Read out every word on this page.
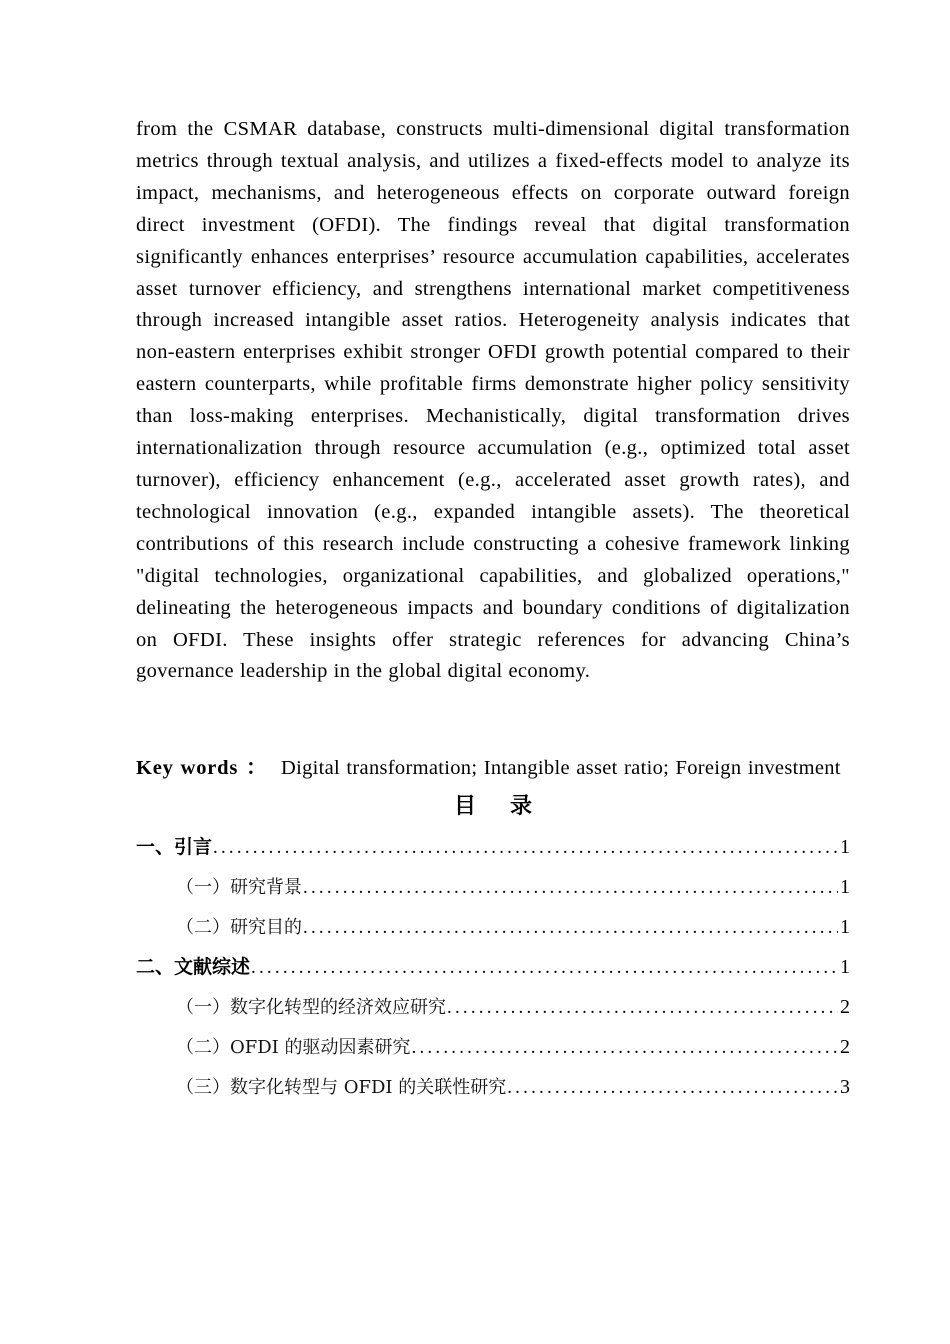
from the CSMAR database, constructs multi-dimensional digital transformation metrics through textual analysis, and utilizes a fixed-effects model to analyze its impact, mechanisms, and heterogeneous effects on corporate outward foreign direct investment (OFDI). The findings reveal that digital transformation significantly enhances enterprises’ resource accumulation capabilities, accelerates asset turnover efficiency, and strengthens international market competitiveness through increased intangible asset ratios. Heterogeneity analysis indicates that non-eastern enterprises exhibit stronger OFDI growth potential compared to their eastern counterparts, while profitable firms demonstrate higher policy sensitivity than loss-making enterprises. Mechanistically, digital transformation drives internationalization through resource accumulation (e.g., optimized total asset turnover), efficiency enhancement (e.g., accelerated asset growth rates), and technological innovation (e.g., expanded intangible assets). The theoretical contributions of this research include constructing a cohesive framework linking "digital technologies, organizational capabilities, and globalized operations," delineating the heterogeneous impacts and boundary conditions of digitalization on OFDI. These insights offer strategic references for advancing China’s governance leadership in the global digital economy.

Key words ： Digital transformation; Intangible asset ratio; Foreign investment

目录
一、引言 .....	1
（一）研究背景 .....	1
（二）研究目的 .....	1
二、文献综述 .....	1
（一）数字化转型的经济效应研究 .....	2
（二）OFDI 的驱动因素研究 .....	2
（三）数字化转型与 OFDI 的关联性研究 .....	3
